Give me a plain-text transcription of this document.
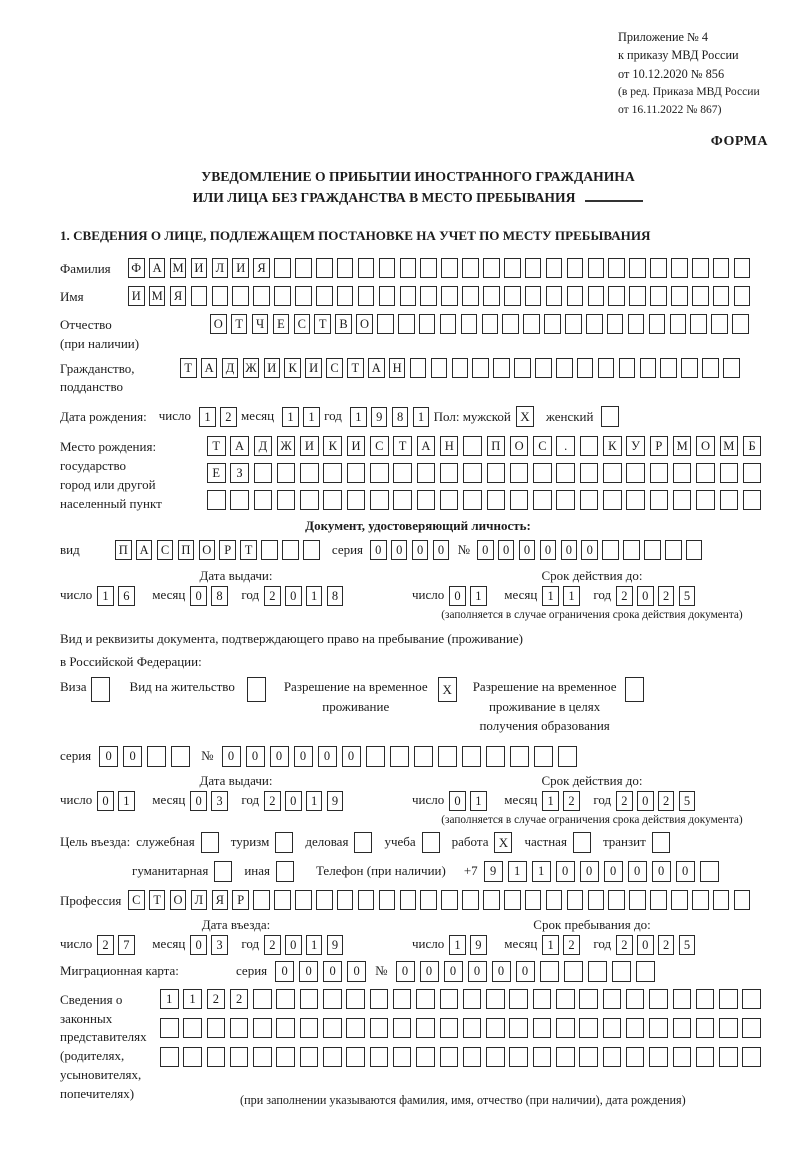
Приложение № 4
к приказу МВД России
от 10.12.2020 № 856
(в ред. Приказа МВД России
от 16.11.2022 № 867)
ФОРМА
УВЕДОМЛЕНИЕ О ПРИБЫТИИ ИНОСТРАННОГО ГРАЖДАНИНА
ИЛИ ЛИЦА БЕЗ ГРАЖДАНСТВА В МЕСТО ПРЕБЫВАНИЯ
1. СВЕДЕНИЯ О ЛИЦЕ, ПОДЛЕЖАЩЕМ ПОСТАНОВКЕ НА УЧЕТ ПО МЕСТУ ПРЕБЫВАНИЯ
Фамилия	Ф А М И Л И Я
Имя	И М Я
Отчество
(при наличии)
О	Т	Ч	Е	С	Т	В О
Гражданство,
подданство
Т	А Д Ж И К И С	Т	А Н
Дата рождения: число	1	2 месяц	1	1 год	1	9	8	1 Пол: мужской X	женский
Место рождения:
государство
город или другой
населенный пункт
Т	А	Д	Ж	И	К	И	С	Т	А	Н	П	О	С	.	К	У	Р	М	О	М	Б
Е	З
Документ, удостоверяющий личность:
вид	П А С П О	Р	Т	серия 0	0	0	0	№ 0	0	0	0	0	0
Дата выдачи:
число 1	6	месяц 0	8	год 2	0	1	8
Срок действия до:
число 0	1	месяц 1	1	год 2	0	2	5
(заполняется в случае ограничения срока действия документа)
Вид и реквизиты документа, подтверждающего право на пребывание (проживание)
в Российской Федерации:
Виза	Вид на жительство	Разрешение на временное
проживание
X	Разрешение на временное
проживание в целях
получения образования
серия	0	0	№	0	0	0	0	0	0
Дата выдачи:
число 0	1	месяц 0	3	год 2	0	1	9
Срок действия до:
число 0	1	месяц 1	2	год 2	0	2	5
(заполняется в случае ограничения срока действия документа)
Цель въезда: служебная	туризм	деловая	учеба	работа X	частная	транзит
гуманитарная	иная	Телефон (при наличии) +7 9	1	1	0	0	0	0	0	0
Профессия С	Т	О Л Я	Р
Дата въезда:
число 2	7	месяц 0	3	год 2	0	1	9
Срок пребывания до:
число 1	9	месяц 1	2	год 2	0	2	5
Миграционная карта:	серия	0	0	0	0	№	0	0	0	0	0	0
Сведения о
законных
представителях
(родителях,
усыновителях,
попечителях)
1	1	2	2
(при заполнении указываются фамилия, имя, отчество (при наличии), дата рождения)
